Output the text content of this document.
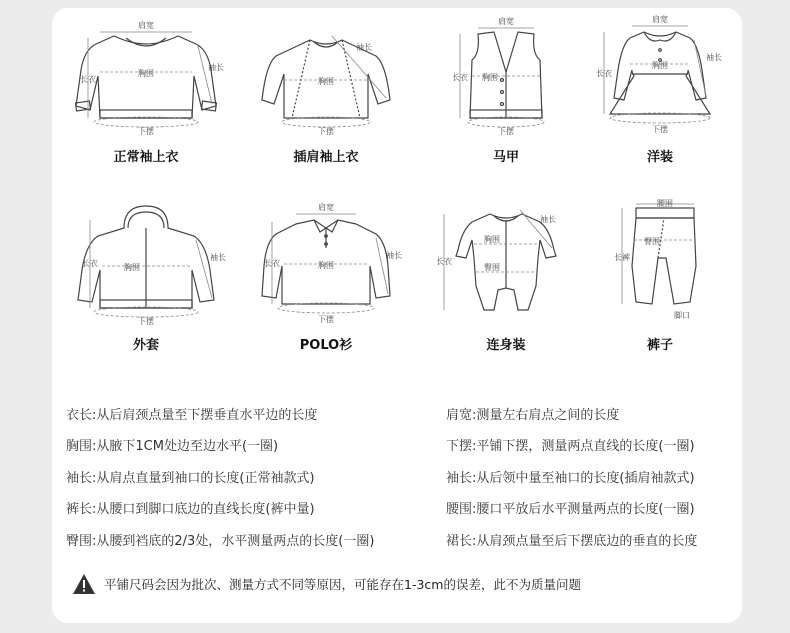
肩宽
长衣
胸围
袖长
下摆
正常袖上衣
袖长
胸围
下摆
插肩袖上衣
肩宽
长衣 胸围
下摆
马甲
肩宽
长衣
胸围
袖长
下摆
洋装
长衣	胸围
袖长
下摆
外套
肩宽
长衣	胸围
袖长
下摆
POLO衫
长衣
胸围
袖长
臀围
连身装
腰围
长裤
臀围
脚口
裤子
衣长:从后肩颈点量至下摆垂直水平边的长度
胸围:从腋下1CM处边至边水平(一圈)
袖长:从肩点直量到袖口的长度(正常袖款式)
裤长:从腰口到脚口底边的直线长度(裤中量)
臀围:从腰到裆底的2/3处，水平测量两点的长度(一圈)
肩宽:测量左右肩点之间的长度
下摆:平铺下摆，测量两点直线的长度(一圈)
袖长:从后领中量至袖口的长度(插肩袖款式)
腰围:腰口平放后水平测量两点的长度(一圈)
裙长:从肩颈点量至后下摆底边的垂直的长度
平铺尺码会因为批次、测量方式不同等原因，可能存在1-3cm的误差，此不为质量问题
